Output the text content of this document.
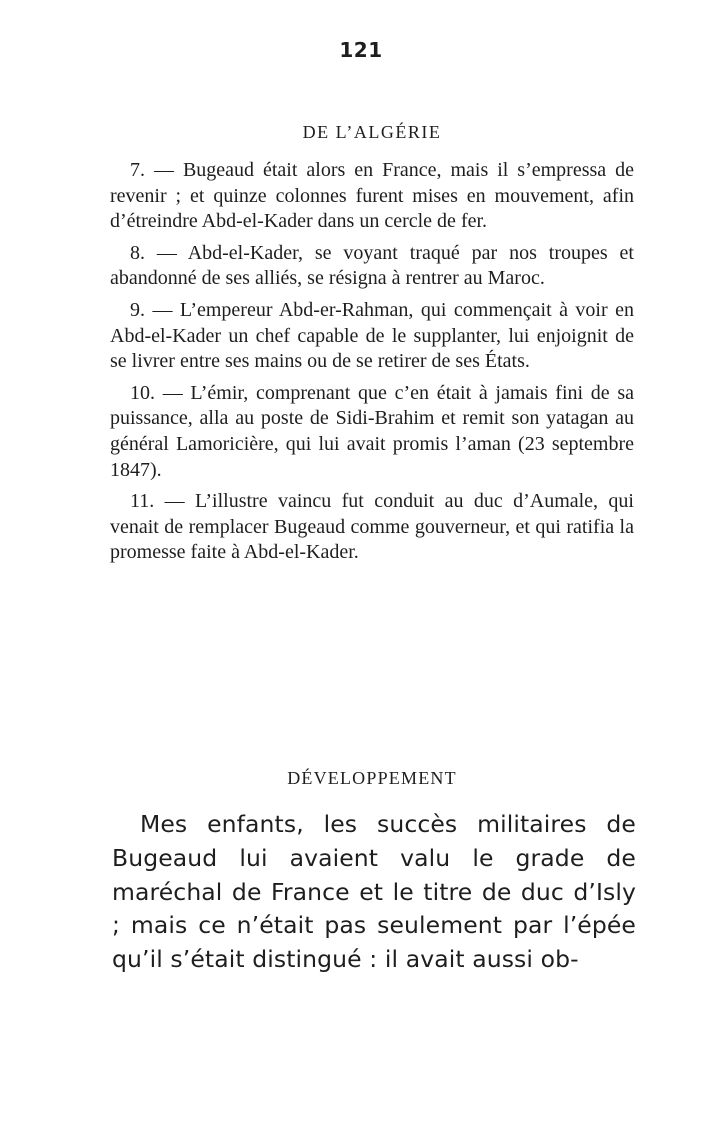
121
DE L’ALGÉRIE

7. — Bugeaud était alors en France, mais il s’empressa de revenir ; et quinze colonnes furent mises en mouvement, afin d’étreindre Abd-el-Kader dans un cercle de fer.

8. — Abd-el-Kader, se voyant traqué par nos troupes et abandonné de ses alliés, se résigna à rentrer au Maroc.

9. — L’empereur Abd-er-Rahman, qui commençait à voir en Abd-el-Kader un chef capable de le supplanter, lui enjoignit de se livrer entre ses mains ou de se retirer de ses États.

10. — L’émir, comprenant que c’en était à jamais fini de sa puissance, alla au poste de Sidi-Brahim et remit son yatagan au général Lamoricière, qui lui avait promis l’aman (23 septembre 1847).

11. — L’illustre vaincu fut conduit au duc d’Aumale, qui venait de remplacer Bugeaud comme gouverneur, et qui ratifia la promesse faite à Abd-el-Kader.

DÉVELOPPEMENT

Mes enfants, les succès militaires de Bugeaud lui avaient valu le grade de maréchal de France et le titre de duc d’Isly ; mais ce n’était pas seulement par l’épée qu’il s’était distingué : il avait aussi ob-
